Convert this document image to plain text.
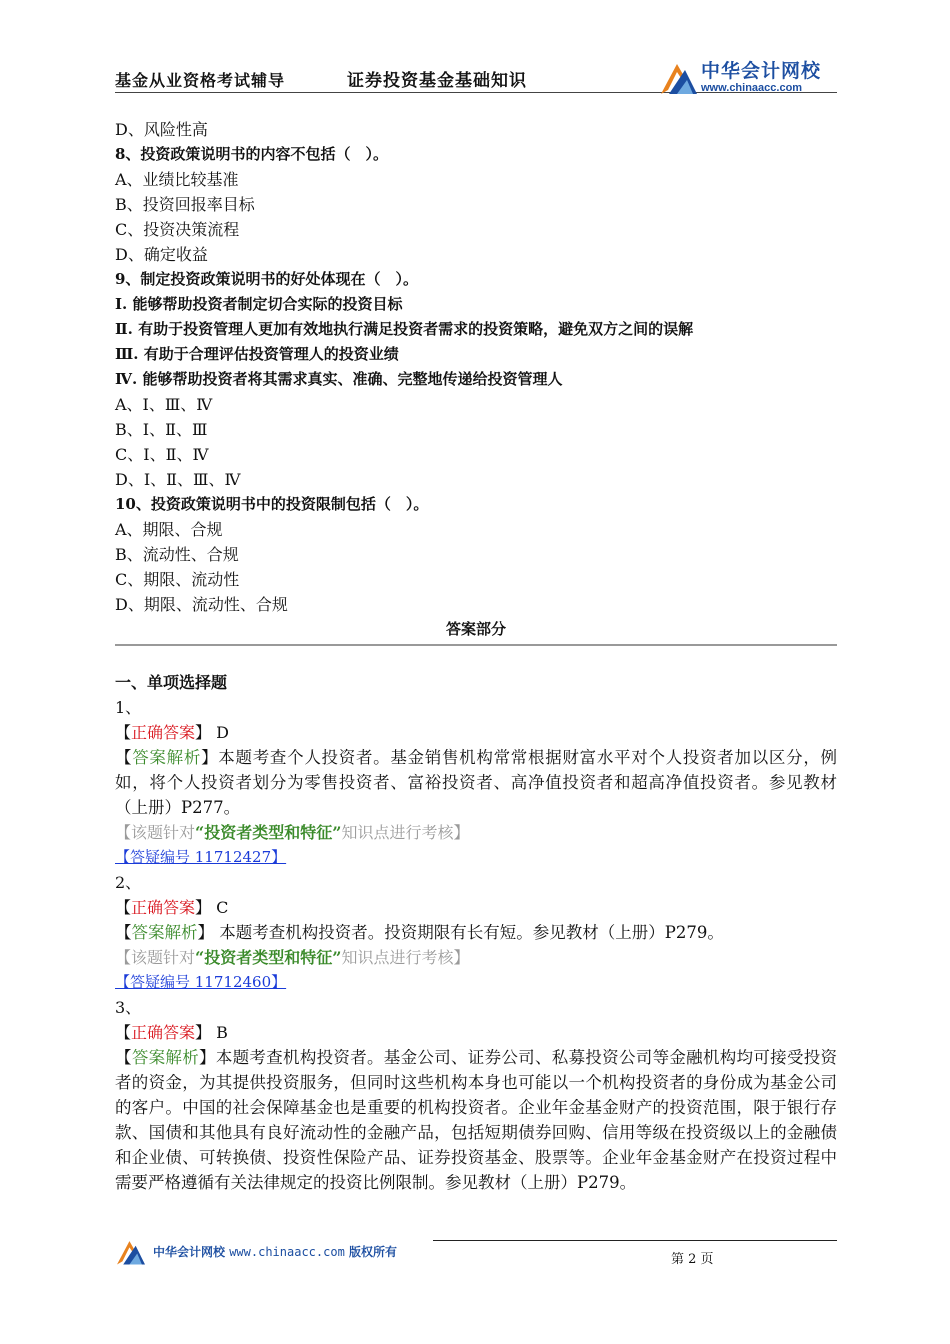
基金从业资格考试辅导	证券投资基金基础知识	中华会计网校
www.chinaacc.com
D、风险性高
8、投资政策说明书的内容不包括（　）。
A、业绩比较基准
B、投资回报率目标
C、投资决策流程
D、确定收益
9、制定投资政策说明书的好处体现在（　）。
Ⅰ. 能够帮助投资者制定切合实际的投资目标
Ⅱ. 有助于投资管理人更加有效地执行满足投资者需求的投资策略，避免双方之间的误解
Ⅲ. 有助于合理评估投资管理人的投资业绩
Ⅳ. 能够帮助投资者将其需求真实、准确、完整地传递给投资管理人
A、Ⅰ、Ⅲ、Ⅳ
B、Ⅰ、Ⅱ、Ⅲ
C、Ⅰ、Ⅱ、Ⅳ
D、Ⅰ、Ⅱ、Ⅲ、Ⅳ
10、投资政策说明书中的投资限制包括（　）。
A、期限、合规
B、流动性、合规
C、期限、流动性
D、期限、流动性、合规
答案部分
一、单项选择题
1、
【正确答案】 D
【答案解析】本题考查个人投资者。基金销售机构常常根据财富水平对个人投资者加以区分，例如，将个人投资者划分为零售投资者、富裕投资者、高净值投资者和超高净值投资者。参见教材（上册）P277。
【该题针对“投资者类型和特征”知识点进行考核】
【答疑编号 11712427】
2、
【正确答案】 C
【答案解析】 本题考查机构投资者。投资期限有长有短。参见教材（上册）P279。
【该题针对“投资者类型和特征”知识点进行考核】
【答疑编号 11712460】
3、
【正确答案】 B
【答案解析】本题考查机构投资者。基金公司、证券公司、私募投资公司等金融机构均可接受投资者的资金，为其提供投资服务，但同时这些机构本身也可能以一个机构投资者的身份成为基金公司的客户。中国的社会保障基金也是重要的机构投资者。企业年金基金财产的投资范围，限于银行存款、国债和其他具有良好流动性的金融产品，包括短期债券回购、信用等级在投资级以上的金融债和企业债、可转换债、投资性保险产品、证券投资基金、股票等。企业年金基金财产在投资过程中需要严格遵循有关法律规定的投资比例限制。参见教材（上册）P279。
中华会计网校 www.chinaacc.com 版权所有	第 2 页
